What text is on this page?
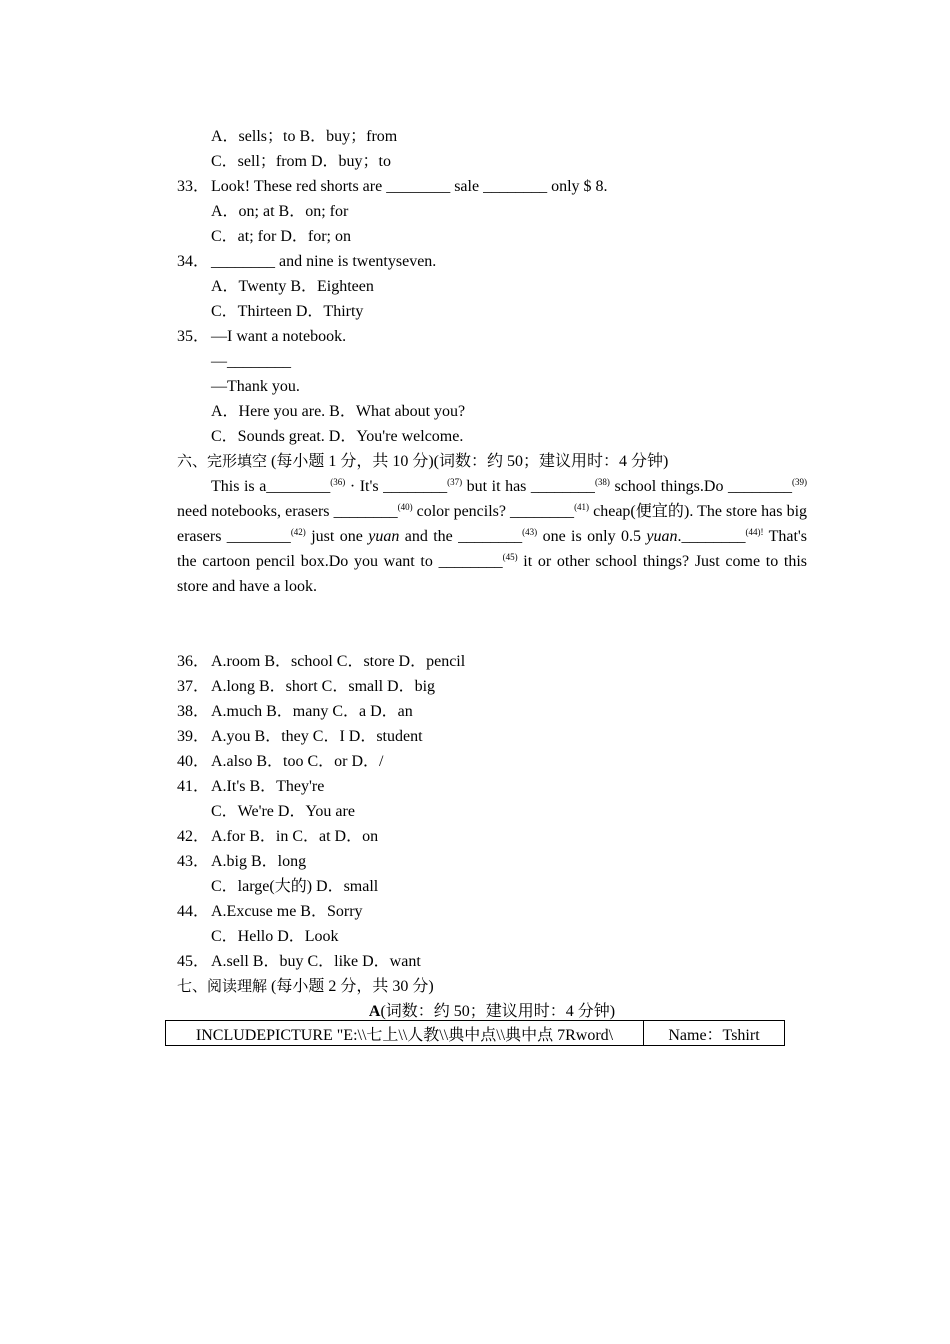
A．sells；to B．buy；from
C．sell；from D．buy；to
33． Look! These red shorts are ________ sale ________ only $ 8.
A．on; at B．on; for
C．at; for D．for; on
34． ________ and nine is twentyseven.
A．Twenty B．Eighteen
C．Thirteen D．Thirty
35． —I want a notebook.
—________
—Thank you.
A．Here you are. B．What about you?
C．Sounds great. D．You're welcome.
六、完形填空 (每小题 1 分，共 10 分)(词数：约 50；建议用时：4 分钟)

This is a________$^{(36)}$ · It's ________$^{(37)}$ but it has ________$^{(38)}$ school things.Do ________$^{(39)}$ need notebooks, erasers ________$^{(40)}$ color pencils? ________$^{(41)}$ cheap(便宜的). The store has big erasers ________$^{(42)}$ just one yuan and the ________$^{(43)}$ one is only 0.5 yuan.________$^{(44)!}$ That's the cartoon pencil box.Do you want to ________$^{(45)}$ it or other school things? Just come to this store and have a look.

36． A.room B．school C．store D．pencil
37． A.long B．short C．small D．big
38． A.much B．many C．a D．an
39． A.you B．they C．I D．student
40． A.also B．too C．or D．/
41． A.It's B．They're
C．We're D．You are
42． A.for B．in C．at D．on
43． A.big B．long
C．large(大的) D．small
44． A.Excuse me B．Sorry
C．Hello D．Look
45． A.sell B．buy C．like D．want
七、阅读理解 (每小题 2 分，共 30 分)
A(词数：约 50；建议用时：4 分钟)
INCLUDEPICTURE "E:\\七上\\人教\\典中点\\典中点 7Rword\	Name：Tshirt
